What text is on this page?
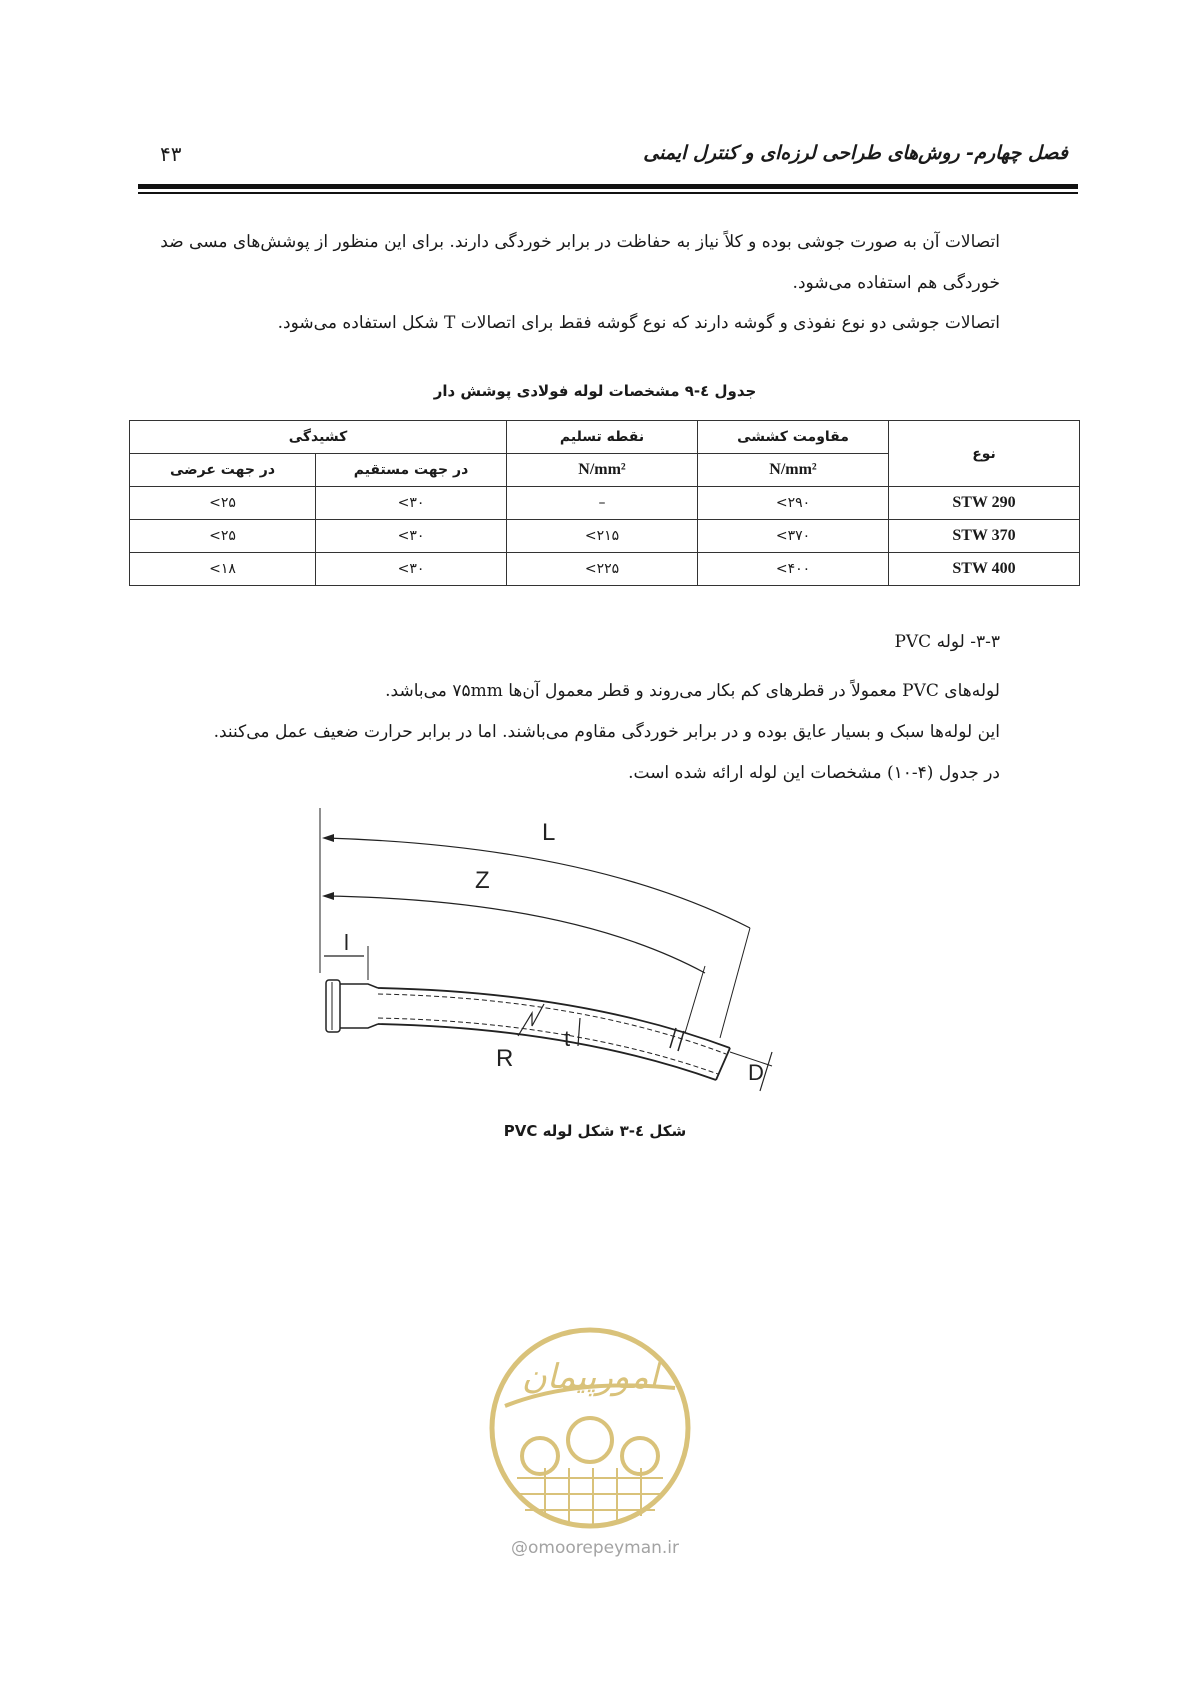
۴۳	فصل چهارم- روش‌های طراحی لرزه‌ای و کنترل ایمنی
اتصالات آن به صورت جوشی بوده و کلاً نیاز به حفاظت در برابر خوردگی دارند. برای این منظور از پوشش‌های مسی ضد
خوردگی هم استفاده می‌شود.
اتصالات جوشی دو نوع نفوذی و گوشه دارند که نوع گوشه فقط برای اتصالات T شکل استفاده می‌شود.
جدول ٤-٩ مشخصات لوله فولادی پوشش دار
نوع	مقاومت کششی	نقطه تسلیم	کشیدگی	
	N/mm²	N/mm²	در جهت مستقیم	در جهت عرضی
STW 290	۲۹۰>	–	۳۰>	۲۵>
STW 370	۳۷۰>	۲۱۵>	۳۰>	۲۵>
STW 400	۴۰۰>	۲۲۵>	۳۰>	۱۸>
۳-۳- لوله PVC
لوله‌های PVC معمولاً در قطرهای کم بکار می‌روند و قطر معمول آن‌ها ۷۵mm می‌باشد.
این لوله‌ها سبک و بسیار عایق بوده و در برابر خوردگی مقاوم می‌باشند. اما در برابر حرارت ضعیف عمل می‌کنند.
در جدول (۴-۱۰) مشخصات این لوله ارائه شده است.
L
Z
l
R
t
D
شکل ٤-٣ شکل لوله PVC
امورپیمان
@omoorepeyman.ir
